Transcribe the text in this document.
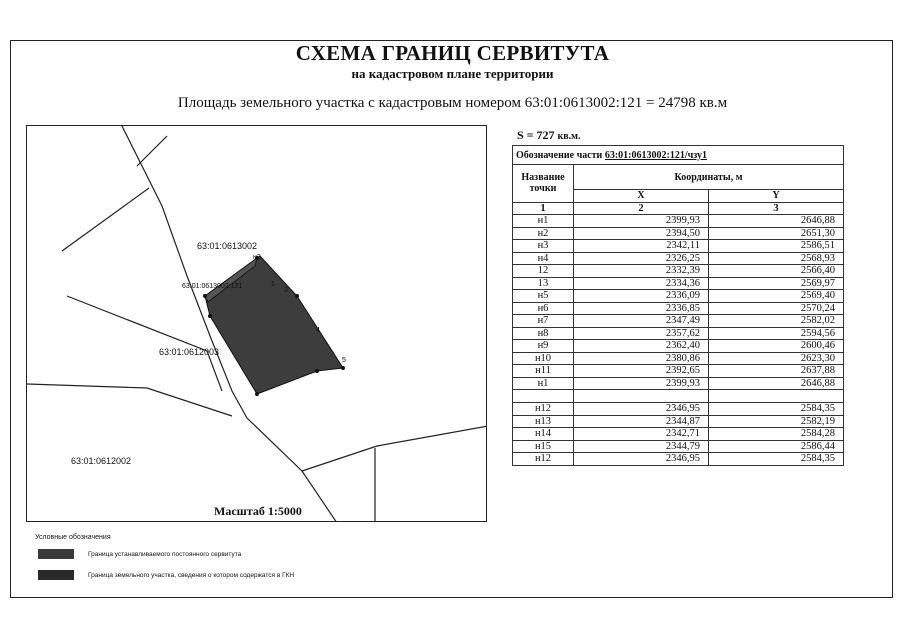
СХЕМА ГРАНИЦ СЕРВИТУТА
на кадастровом плане территории
Площадь земельного участка с кадастровым номером 63:01:0613002:121 = 24798 кв.м
63:01:0613002
63:01:0612003
63:01:0612002
63:01:0613002:121
3
4
5
н2
1
Масштаб 1:5000
S = 727 кв.м.
Обозначение части 63:01:0613002:121/чзу1		
Название точки	Координаты, м	
	X	Y
1	2	3
н1	2399,93	2646,88
н2	2394,50	2651,30
н3	2342,11	2586,51
н4	2326,25	2568,93
12	2332,39	2566,40
13	2334,36	2569,97
н5	2336,09	2569,40
н6	2336,85	2570,24
н7	2347,49	2582,02
н8	2357,62	2594,56
н9	2362,40	2600,46
н10	2380,86	2623,30
н11	2392,65	2637,88
н1	2399,93	2646,88

н12	2346,95	2584,35
н13	2344,87	2582,19
н14	2342,71	2584,28
н15	2344,79	2586,44
н12	2346,95	2584,35
Условные обозначения
Граница устанавливаемого постоянного сервитута
Граница земельного участка, сведения о котором содержатся в ГКН
